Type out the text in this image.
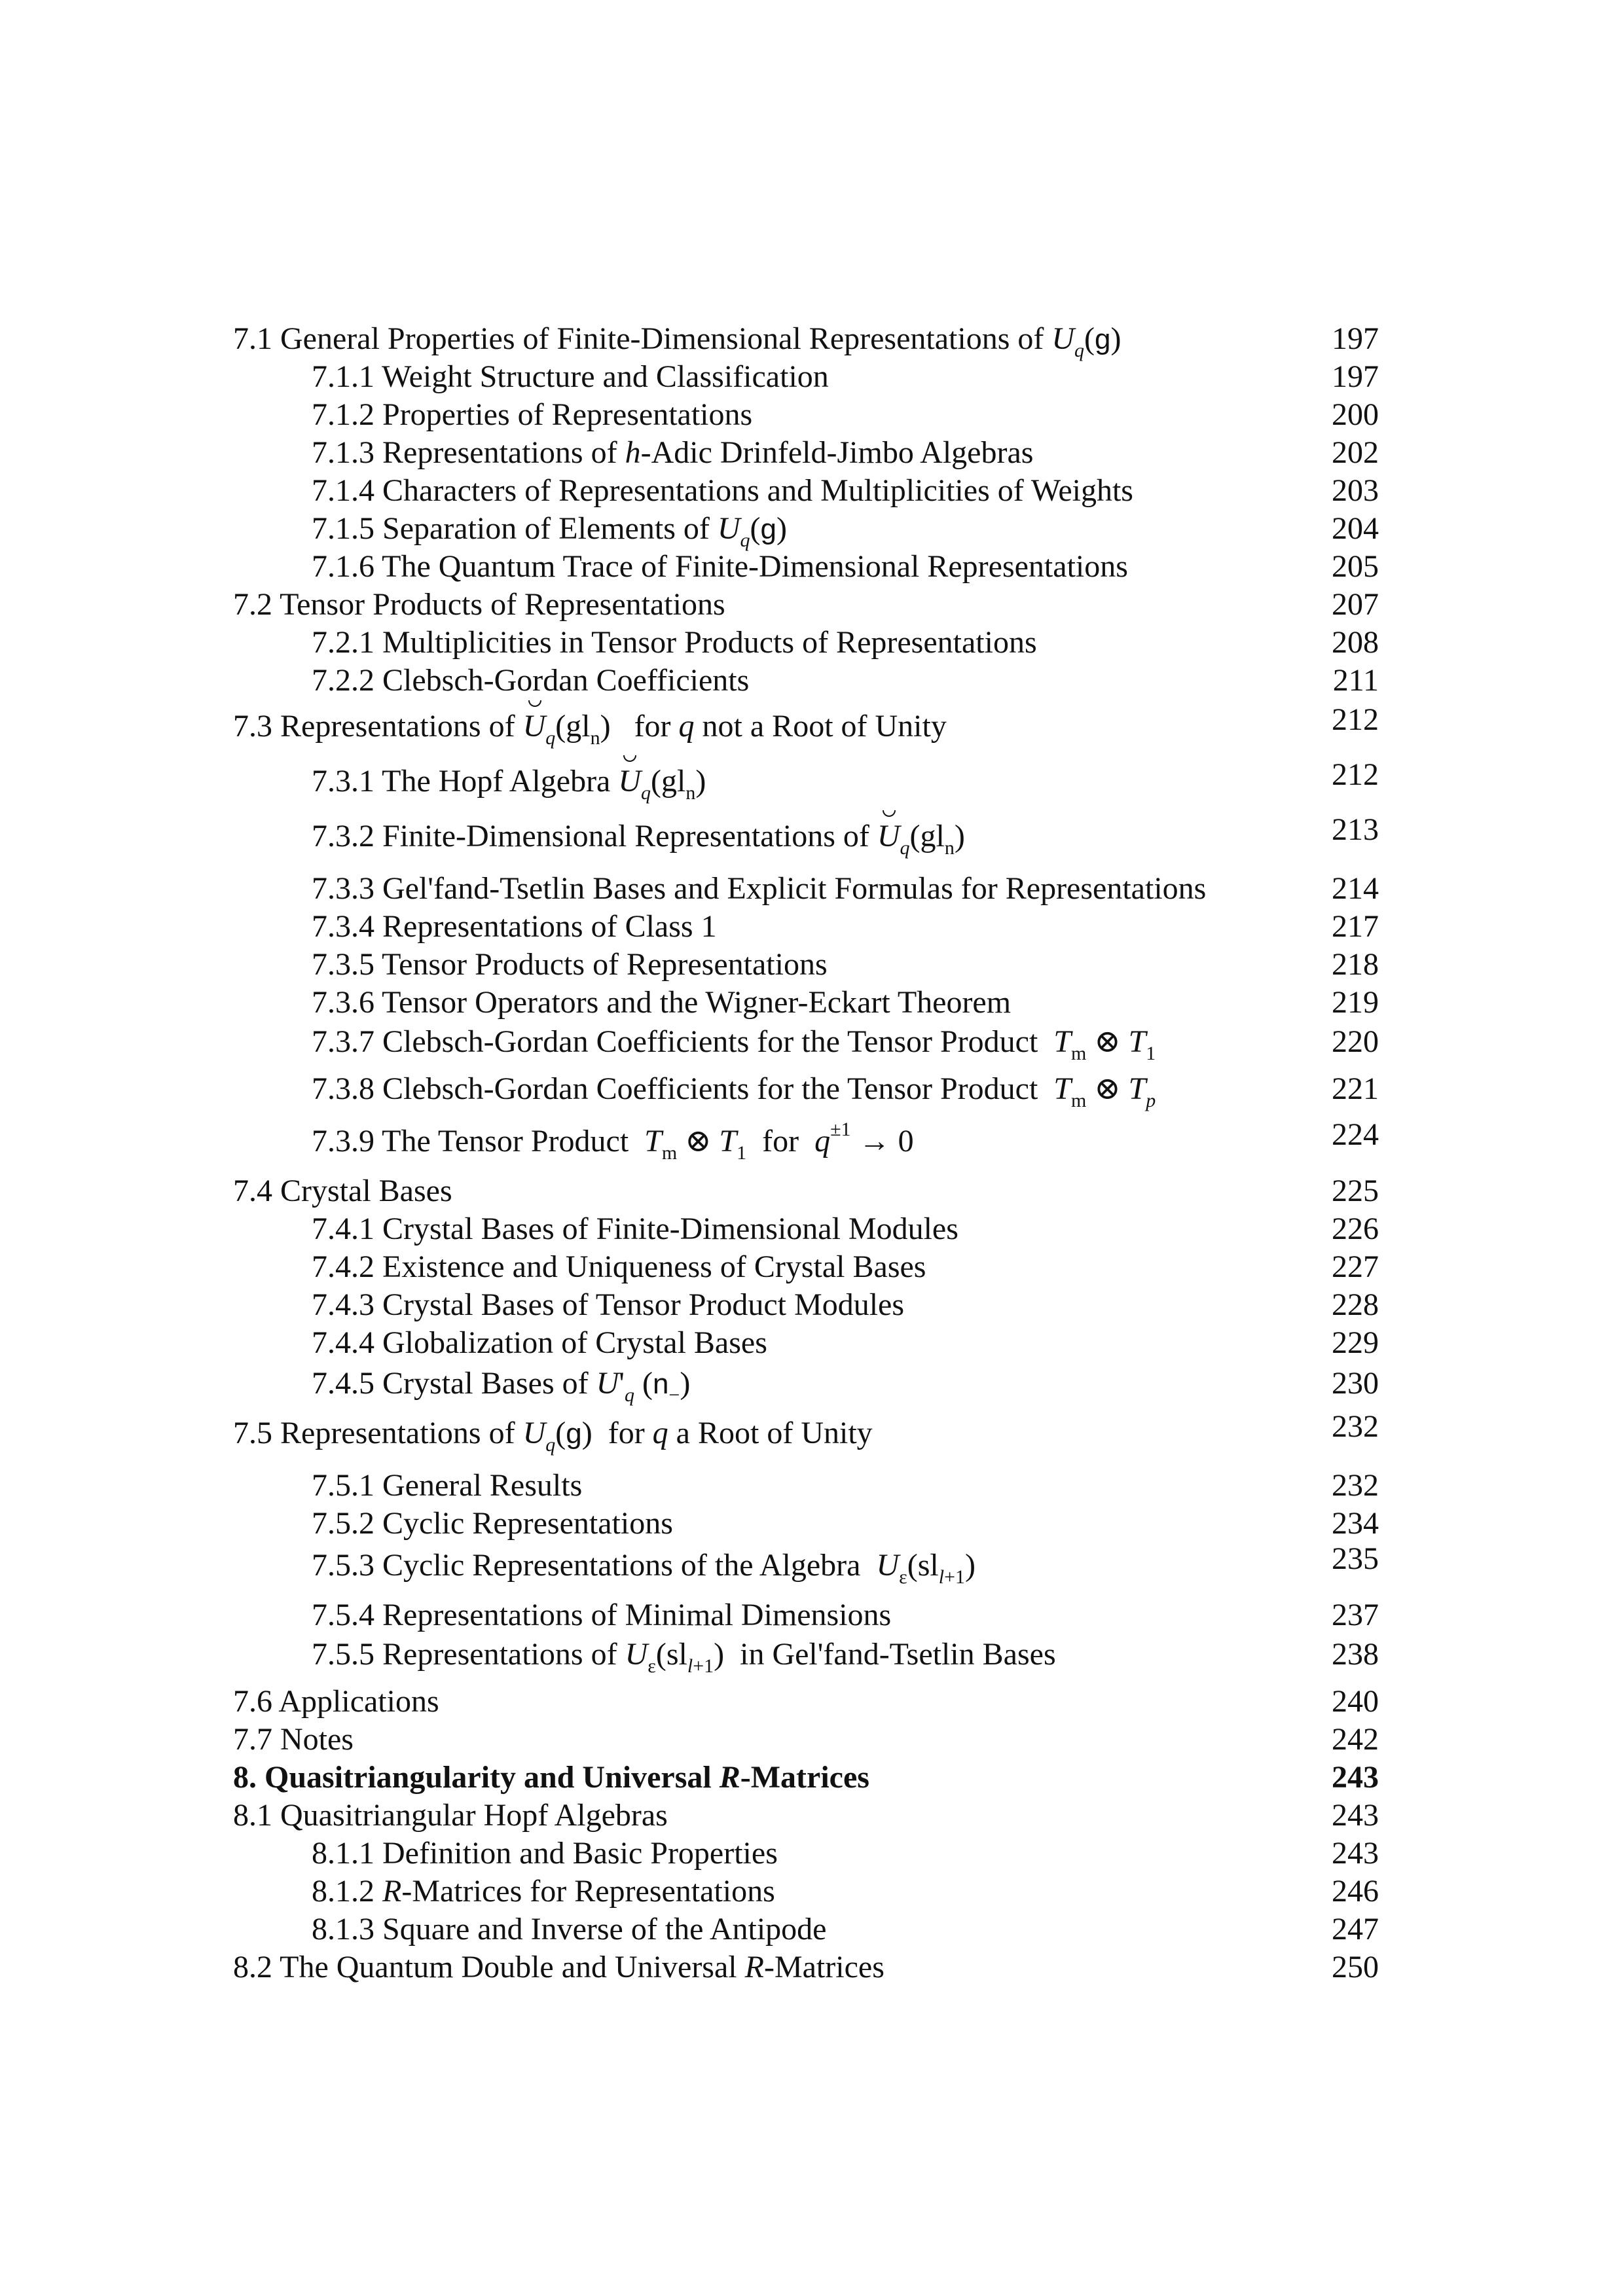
7.1 General Properties of Finite-Dimensional Representations of $U_q(g)$	197
7.1.1 Weight Structure and Classification	197
7.1.2 Properties of Representations	200
7.1.3 Representations of h-Adic Drinfeld-Jimbo Algebras	202
7.1.4 Characters of Representations and Multiplicities of Weights	203
7.1.5 Separation of Elements of $U_q(g)$	204
7.1.6 The Quantum Trace of Finite-Dimensional Representations	205
7.2 Tensor Products of Representations	207
7.2.1 Multiplicities in Tensor Products of Representations	208
7.2.2 Clebsch-Gordan Coefficients	211
7.3 Representations of $U_q(gl_n)$   for q not a Root of Unity	212
7.3.1 The Hopf Algebra $U_q(gl_n)$	212
7.3.2 Finite-Dimensional Representations of $U_q(gl_n)$	213
7.3.3 Gel'fand-Tsetlin Bases and Explicit Formulas for Representations	214
7.3.4 Representations of Class 1	217
7.3.5 Tensor Products of Representations	218
7.3.6 Tensor Operators and the Wigner-Eckart Theorem	219
7.3.7 Clebsch-Gordan Coefficients for the Tensor Product  $T_m$ ⊗ $T_1$	220
7.3.8 Clebsch-Gordan Coefficients for the Tensor Product  $T_m$ ⊗ $T_p$	221
7.3.9 The Tensor Product  $T_m$ ⊗ $T_1$  for  $q^{\pm 1} \to 0$	224
7.4 Crystal Bases	225
7.4.1 Crystal Bases of Finite-Dimensional Modules	226
7.4.2 Existence and Uniqueness of Crystal Bases	227
7.4.3 Crystal Bases of Tensor Product Modules	228
7.4.4 Globalization of Crystal Bases	229
7.4.5 Crystal Bases of $U'_q$ $(n_-)$	230
7.5 Representations of $U_q(g)$  for q a Root of Unity	232
7.5.1 General Results	232
7.5.2 Cyclic Representations	234
7.5.3 Cyclic Representations of the Algebra  $U_\varepsilon(sl_{l+1})$	235
7.5.4 Representations of Minimal Dimensions	237
7.5.5 Representations of $U_\varepsilon(sl_{l+1})$  in Gel'fand-Tsetlin Bases	238
7.6 Applications	240
7.7 Notes	242
8. Quasitriangularity and Universal R-Matrices	243
8.1 Quasitriangular Hopf Algebras	243
8.1.1 Definition and Basic Properties	243
8.1.2 R-Matrices for Representations	246
8.1.3 Square and Inverse of the Antipode	247
8.2 The Quantum Double and Universal R-Matrices	250
